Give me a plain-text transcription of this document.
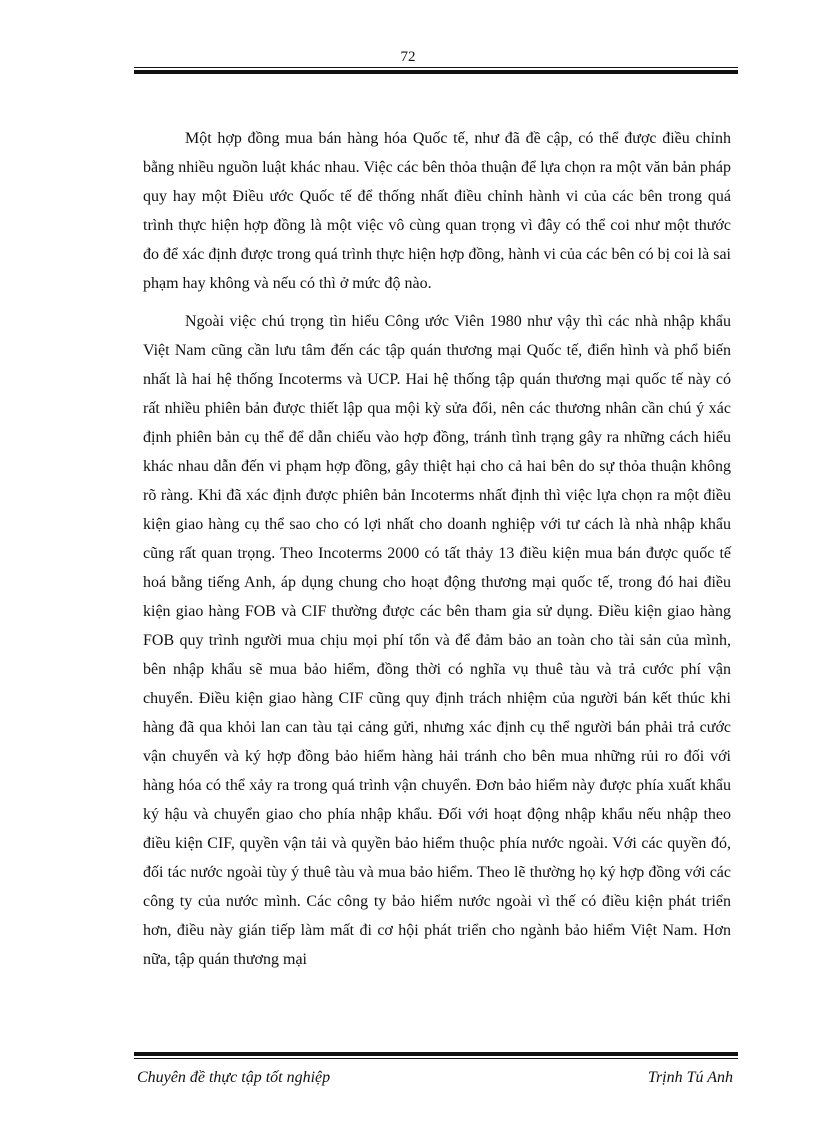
72

Một hợp đồng mua bán hàng hóa Quốc tế, như đã đề cập, có thể được điều chỉnh bằng nhiều nguồn luật khác nhau. Việc các bên thỏa thuận để lựa chọn ra một văn bản pháp quy hay một Điều ước Quốc tế để thống nhất điều chỉnh hành vi của các bên trong quá trình thực hiện hợp đồng là một việc vô cùng quan trọng vì đây có thể coi như một thước đo để xác định được trong quá trình thực hiện hợp đồng, hành vi của các bên có bị coi là sai phạm hay không và nếu có thì ở mức độ nào.

Ngoài việc chú trọng tìn hiểu Công ước Viên 1980 như vậy thì các nhà nhập khẩu Việt Nam cũng cần lưu tâm đến các tập quán thương mại Quốc tế, điển hình và phổ biến nhất là hai hệ thống Incoterms và UCP. Hai hệ thống tập quán thương mại quốc tế này có rất nhiều phiên bản được thiết lập qua mội kỳ sửa đổi, nên các thương nhân cần chú ý xác định phiên bản cụ thể để dẫn chiếu vào hợp đồng, tránh tình trạng gây ra những cách hiểu khác nhau dẫn đến vi phạm hợp đồng, gây thiệt hại cho cả hai bên do sự thỏa thuận không rõ ràng. Khi đã xác định được phiên bản Incoterms nhất định thì việc lựa chọn ra một điều kiện giao hàng cụ thể sao cho có lợi nhất cho doanh nghiệp với tư cách là nhà nhập khẩu cũng rất quan trọng. Theo Incoterms 2000 có tất thảy 13 điều kiện mua bán được quốc tế hoá bằng tiếng Anh, áp dụng chung cho hoạt động thương mại quốc tế, trong đó hai điều kiện giao hàng FOB và CIF thường được các bên tham gia sử dụng. Điều kiện giao hàng FOB quy trình người mua chịu mọi phí tổn và để đảm bảo an toàn cho tài sản của mình, bên nhập khẩu sẽ mua bảo hiểm, đồng thời có nghĩa vụ thuê tàu và trả cước phí vận chuyển. Điều kiện giao hàng CIF cũng quy định trách nhiệm của người bán kết thúc khi hàng đã qua khỏi lan can tàu tại cảng gửi, nhưng xác định cụ thể người bán phải trả cước vận chuyển và ký hợp đồng bảo hiểm hàng hải tránh cho bên mua những rủi ro đối với hàng hóa có thể xảy ra trong quá trình vận chuyển. Đơn bảo hiểm này được phía xuất khẩu ký hậu và chuyển giao cho phía nhập khẩu. Đối với hoạt động nhập khẩu nếu nhập theo điều kiện CIF, quyền vận tải và quyền bảo hiểm thuộc phía nước ngoài. Với các quyền đó, đối tác nước ngoài tùy ý thuê tàu và mua bảo hiểm. Theo lẽ thường họ ký hợp đồng với các công ty của nước mình. Các công ty bảo hiểm nước ngoài vì thế có điều kiện phát triển hơn, điều này gián tiếp làm mất đi cơ hội phát triển cho ngành bảo hiểm Việt Nam. Hơn nữa, tập quán thương mại

Chuyên đề thực tập tốt nghiệp	Trịnh Tú Anh
